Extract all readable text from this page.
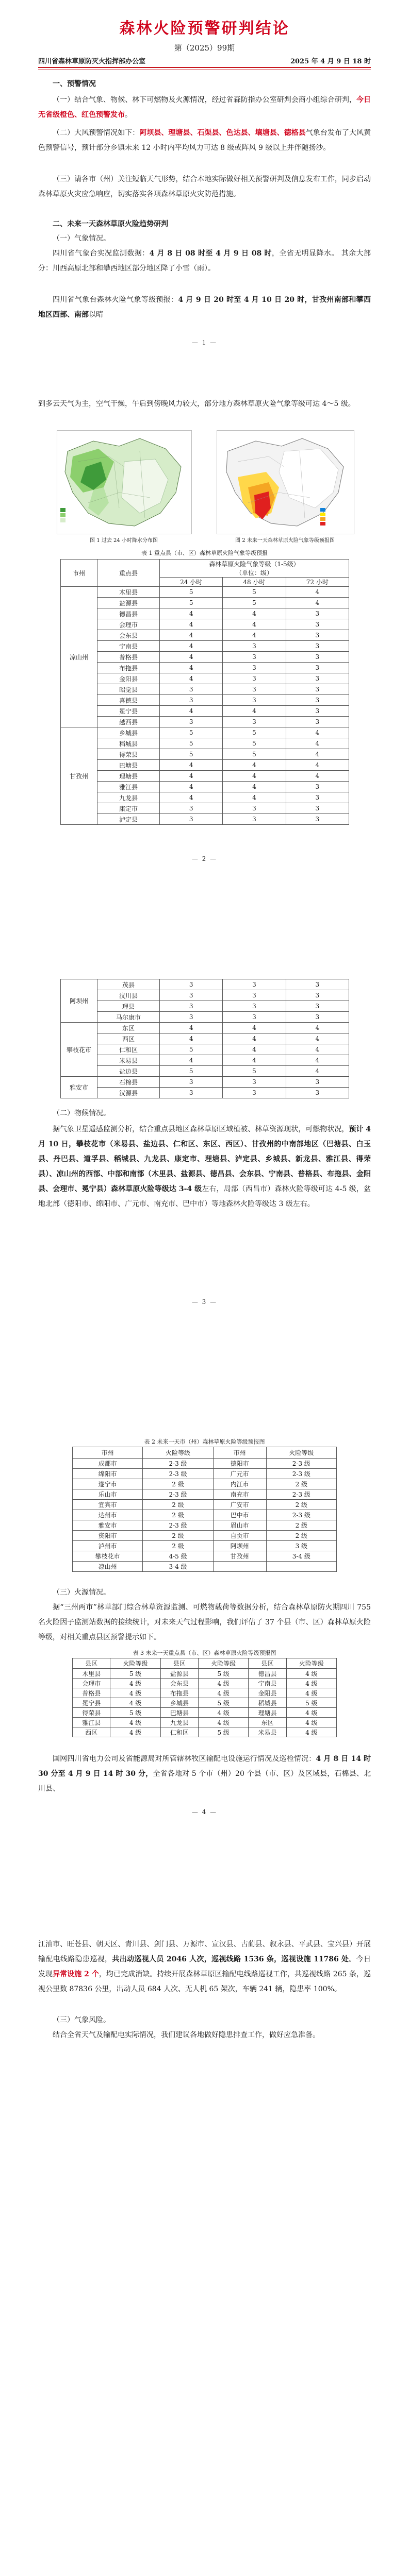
森林火险预警研判结论
第（2025）99期
四川省森林草原防灭火指挥部办公室	2025 年 4 月 9 日 18 时
一、预警情况
（一）结合气象、物候、林下可燃物及火源情况，经过省森防指办公室研判会商小组综合研判，今日无省级橙色、红色预警发布。
（二）大风预警情况如下：阿坝县、理塘县、石渠县、色达县、壤塘县、德格县气象台发布了大风黄色预警信号，预计部分乡镇未来 12 小时内平均风力可达 8 级或阵风 9 级以上并伴随扬沙。
（三）请各市（州）关注短临天气形势，结合本地实际做好相关预警研判及信息发布工作，同步启动森林草原火灾应急响应，切实落实各项森林草原火灾防范措施。
二、未来一天森林草原火险趋势研判
（一）气象情况。
四川省气象台实况监测数据：4 月 8 日 08 时至 4 月 9 日 08 时，全省无明显降水。 其余大部分：川西高原北部和攀西地区部分地区降了小雪（雨）。
四川省气象台森林火险气象等级预报：4 月 9 日 20 时至 4 月 10 日 20 时，甘孜州南部和攀西地区西部、南部以晴
— 1 —
到多云天气为主，空气干燥，午后到傍晚风力较大，部分地方森林草原火险气象等级可达 4～5 级。
图 1 过去 24 小时降水分布图	图 2 未来一天森林草原火险气象等级预报图
表 1 重点县（市、区）森林草原火险气象等级预报
市州	重点县	森林草原火险气象等级（1-5级）
（单位：级）		
		24 小时	48 小时	72 小时
凉山州	木里县	5	5	4
	盐源县	5	5	4
	德昌县	4	4	3
	会理市	4	4	3
	会东县	4	4	3
	宁南县	4	3	3
	普格县	4	3	3
	布拖县	4	3	3
	金阳县	4	3	3
	昭觉县	3	3	3
	喜德县	3	3	3
	冕宁县	4	4	3
	越西县	3	3	3
甘孜州	乡城县	5	5	4
	稻城县	5	5	4
	得荣县	5	5	4
	巴塘县	4	4	4
	理塘县	4	4	4
	雅江县	4	4	3
	九龙县	4	4	3
	康定市	3	3	3
	泸定县	3	3	3
— 2 —
阿坝州	茂县	3	3	3
	汶川县	3	3	3
	理县	3	3	3
	马尔康市	3	3	3
攀枝花市	东区	4	4	4
	西区	4	4	4
	仁和区	5	4	4
	米易县	4	4	4
	盐边县	5	5	4
雅安市	石棉县	3	3	3
	汉源县	3	3	3
（二）物候情况。
据气象卫星遥感监测分析，结合重点县地区森林草原区域植被、林草资源现状，可燃物状况，预计 4 月 10 日，攀枝花市（米易县、盐边县、仁和区、东区、西区）、甘孜州的中南部地区（巴塘县、白玉县、丹巴县、道孚县、稻城县、九龙县、康定市、理塘县、泸定县、乡城县、新龙县、雅江县、得荣县）、凉山州的西部、中部和南部（木里县、盐源县、德昌县、会东县、宁南县、普格县、布拖县、金阳县、会理市、冕宁县）森林草原火险等级达 3-4 级左右，局部（西昌市）森林火险等级可达 4-5 级，盆地北部（德阳市、绵阳市、广元市、南充市、巴中市）等地森林火险等级达 3 级左右。
— 3 —
表 2 未来一天市（州）森林草原火险等级预报图
市州	火险等级	市州	火险等级
成都市	2-3 级	德阳市	2-3 级
绵阳市	2-3 级	广元市	2-3 级
遂宁市	2 级	内江市	2 级
乐山市	2-3 级	南充市	2-3 级
宜宾市	2 级	广安市	2 级
达州市	2 级	巴中市	2-3 级
雅安市	2-3 级	眉山市	2 级
资阳市	2 级	自贡市	2 级
泸州市	2 级	阿坝州	3 级
攀枝花市	4-5 级	甘孜州	3-4 级
凉山州	3-4 级		
（三）火源情况。
据“三州两市”林草部门综合林草资源监测、可燃物载荷等数据分析，结合森林草原防火期四川 755 名火险因子监测站数据的接续统计，对未来天气过程影响，我们评估了 37 个县（市、区）森林草原火险等级，对相关重点县区预警提示如下。
表 3 未来一天重点县（市、区）森林草原火险等级预报图
县区	火险等级	县区	火险等级	县区	火险等级
木里县	5 级	盐源县	5 级	德昌县	4 级
会理市	4 级	会东县	4 级	宁南县	4 级
普格县	4 级	布拖县	4 级	金阳县	4 级
冕宁县	4 级	乡城县	5 级	稻城县	5 级
得荣县	5 级	巴塘县	4 级	理塘县	4 级
雅江县	4 级	九龙县	4 级	东区	4 级
西区	4 级	仁和区	5 级	米易县	4 级
国网四川省电力公司及省能源局对所管辖林牧区输配电设施运行情况及巡检情况：4 月 8 日 14 时 30 分至 4 月 9 日 14 时 30 分，全省各地对 5 个市（州）20 个县（市、区）及区域县，石棉县、北川县、
— 4 —
江油市、旺苍县、朝天区、青川县、剑门县、万源市、宣汉县、古蔺县、叙永县、平武县、宝兴县）开展输配电线路隐患巡视，共出动巡视人员 2046 人次，巡视线路 1536 条，巡视设施 11786 处。今日发现异常设施 2 个，均已完成消缺。持续开展森林草原区输配电线路巡视工作，共巡视线路 265 条，巡视公里数 87836 公里，出动人员 684 人次、无人机 65 架次，车辆 241 辆，隐患率 100%。
（三）气象风险。
结合全省天气及输配电实际情况，我们建议各地做好隐患排查工作，做好应急准备。
